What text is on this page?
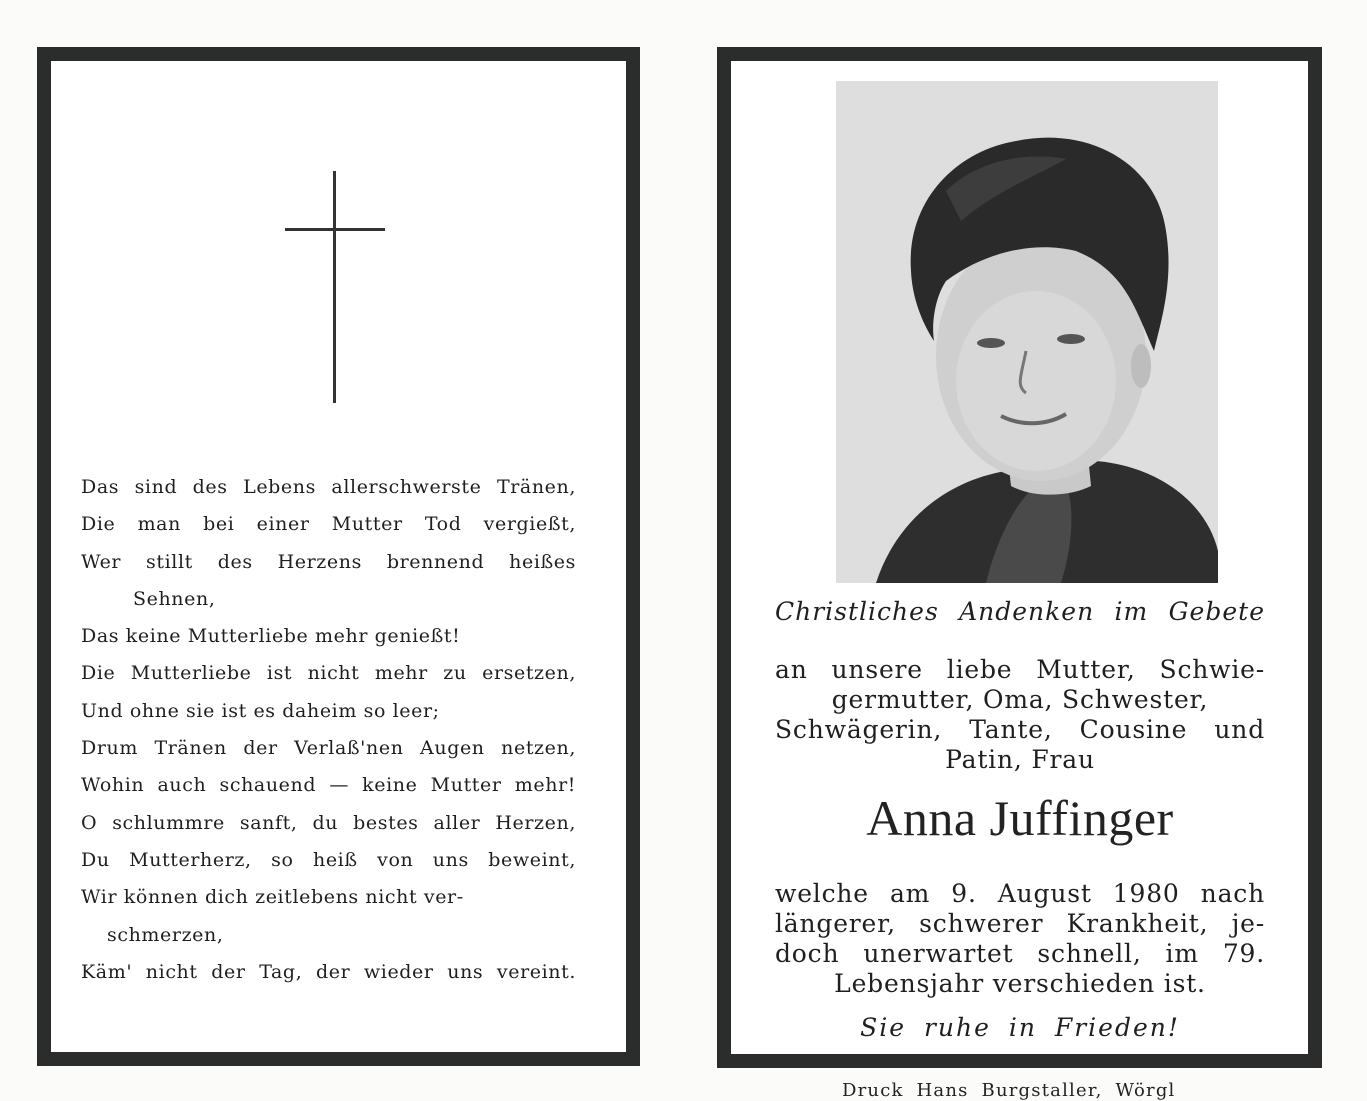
Das sind des Lebens allerschwerste Tränen,
Die man bei einer Mutter Tod vergießt,
Wer stillt des Herzens brennend heißes
Sehnen,
Das keine Mutterliebe mehr genießt!
Die Mutterliebe ist nicht mehr zu ersetzen,
Und ohne sie ist es daheim so leer;
Drum Tränen der Verlaß'nen Augen netzen,
Wohin auch schauend — keine Mutter mehr!
O schlummre sanft, du bestes aller Herzen,
Du Mutterherz, so heiß von uns beweint,
Wir können dich zeitlebens nicht ver-
schmerzen,
Käm' nicht der Tag, der wieder uns vereint.
Christliches Andenken im Gebete
an unsere liebe Mutter, Schwie-
germutter, Oma, Schwester,
Schwägerin, Tante, Cousine und
Patin, Frau
Anna Juffinger
welche am 9. August 1980 nach
längerer, schwerer Krankheit, je-
doch unerwartet schnell, im 79.
Lebensjahr verschieden ist.
Sie ruhe in Frieden!
Druck Hans Burgstaller, Wörgl
